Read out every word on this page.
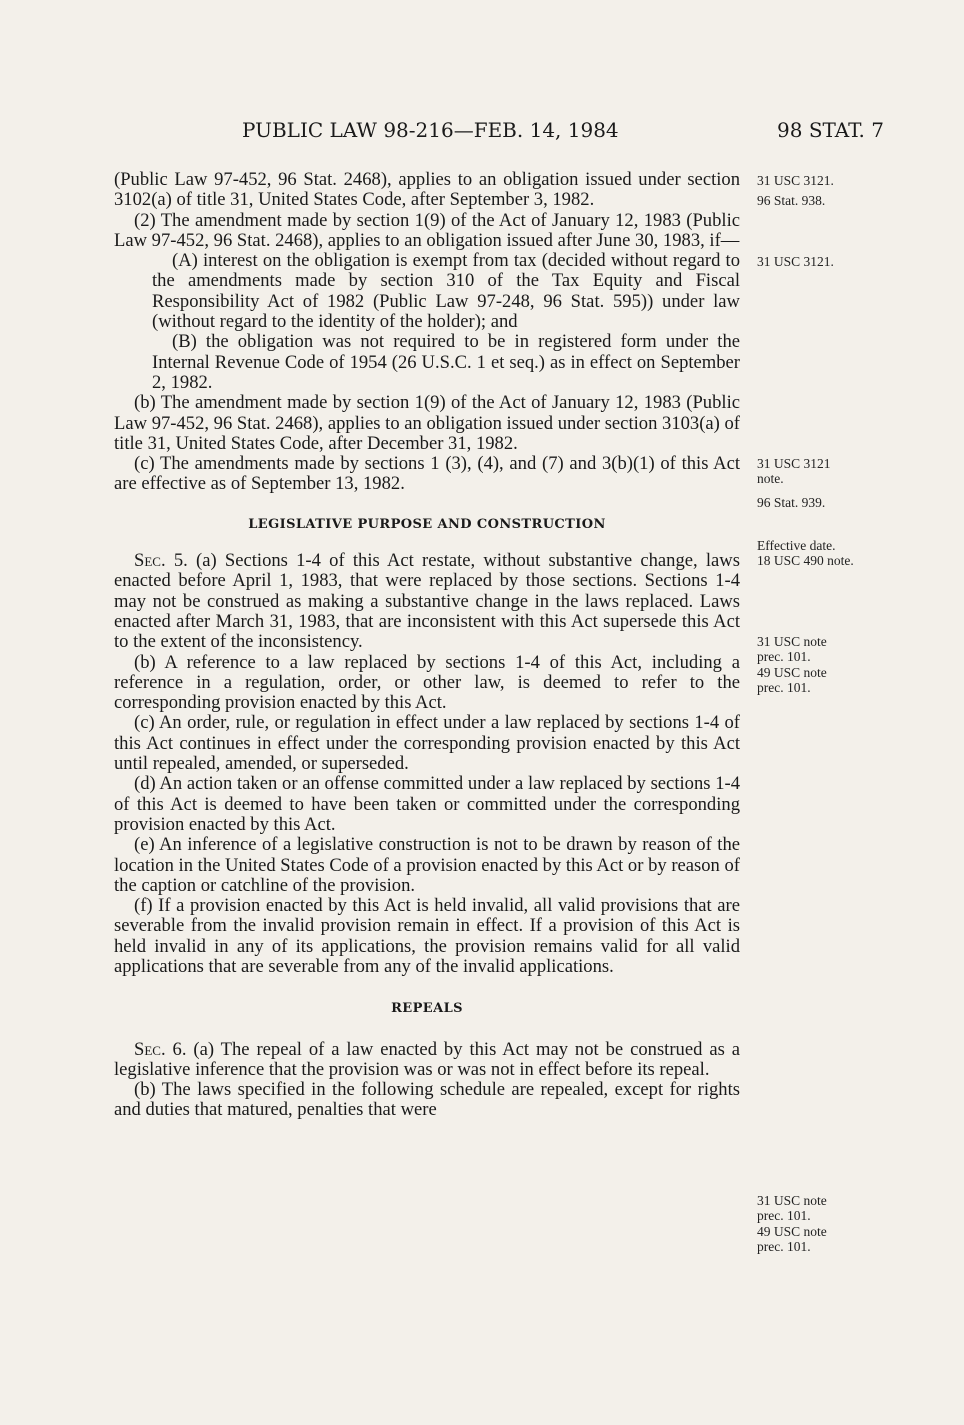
PUBLIC LAW 98-216—FEB. 14, 1984	98 STAT. 7

(Public Law 97-452, 96 Stat. 2468), applies to an obligation issued under section 3102(a) of title 31, United States Code, after September 3, 1982.

(2) The amendment made by section 1(9) of the Act of January 12, 1983 (Public Law 97-452, 96 Stat. 2468), applies to an obligation issued after June 30, 1983, if—

(A) interest on the obligation is exempt from tax (decided without regard to the amendments made by section 310 of the Tax Equity and Fiscal Responsibility Act of 1982 (Public Law 97-248, 96 Stat. 595)) under law (without regard to the identity of the holder); and

(B) the obligation was not required to be in registered form under the Internal Revenue Code of 1954 (26 U.S.C. 1 et seq.) as in effect on September 2, 1982.

(b) The amendment made by section 1(9) of the Act of January 12, 1983 (Public Law 97-452, 96 Stat. 2468), applies to an obligation issued under section 3103(a) of title 31, United States Code, after December 31, 1982.

(c) The amendments made by sections 1 (3), (4), and (7) and 3(b)(1) of this Act are effective as of September 13, 1982.

LEGISLATIVE PURPOSE AND CONSTRUCTION

Sec. 5. (a) Sections 1-4 of this Act restate, without substantive change, laws enacted before April 1, 1983, that were replaced by those sections. Sections 1-4 may not be construed as making a substantive change in the laws replaced. Laws enacted after March 31, 1983, that are inconsistent with this Act supersede this Act to the extent of the inconsistency.

(b) A reference to a law replaced by sections 1-4 of this Act, including a reference in a regulation, order, or other law, is deemed to refer to the corresponding provision enacted by this Act.

(c) An order, rule, or regulation in effect under a law replaced by sections 1-4 of this Act continues in effect under the corresponding provision enacted by this Act until repealed, amended, or superseded.

(d) An action taken or an offense committed under a law replaced by sections 1-4 of this Act is deemed to have been taken or committed under the corresponding provision enacted by this Act.

(e) An inference of a legislative construction is not to be drawn by reason of the location in the United States Code of a provision enacted by this Act or by reason of the caption or catchline of the provision.

(f) If a provision enacted by this Act is held invalid, all valid provisions that are severable from the invalid provision remain in effect. If a provision of this Act is held invalid in any of its applications, the provision remains valid for all valid applications that are severable from any of the invalid applications.

REPEALS

Sec. 6. (a) The repeal of a law enacted by this Act may not be construed as a legislative inference that the provision was or was not in effect before its repeal.

(b) The laws specified in the following schedule are repealed, except for rights and duties that matured, penalties that were

31 USC 3121.
96 Stat. 938.
31 USC 3121.
31 USC 3121
note.
96 Stat. 939.
Effective date.
18 USC 490 note.
31 USC note
prec. 101.
49 USC note
prec. 101.
31 USC note
prec. 101.
49 USC note
prec. 101.
